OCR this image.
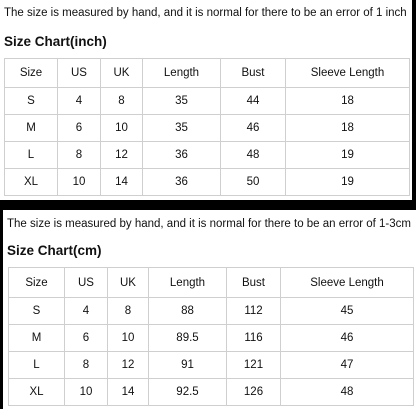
The size is measured by hand, and it is normal for there to be an error of 1 inch
Size Chart(inch)
Size	US	UK	Length	Bust	Sleeve Length
S	4	8	35	44	18
M	6	10	35	46	18
L	8	12	36	48	19
XL	10	14	36	50	19
The size is measured by hand, and it is normal for there to be an error of 1-3cm
Size Chart(cm)
Size	US	UK	Length	Bust	Sleeve Length
S	4	8	88	112	45
M	6	10	89.5	116	46
L	8	12	91	121	47
XL	10	14	92.5	126	48
